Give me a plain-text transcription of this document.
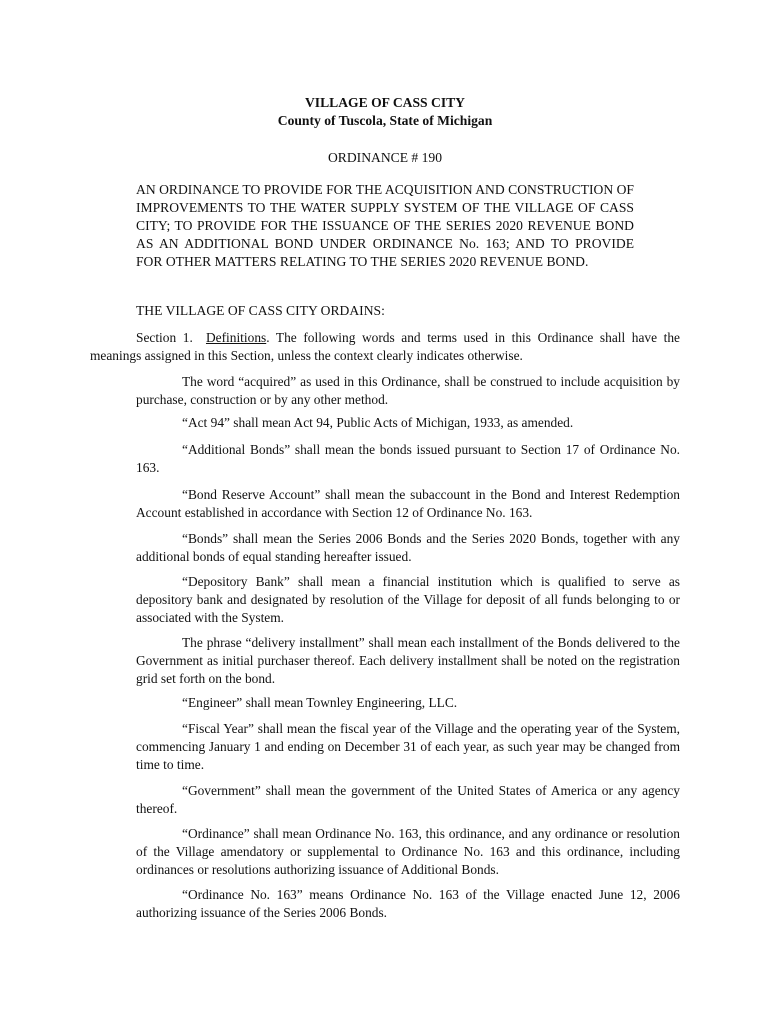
VILLAGE OF CASS CITY
County of Tuscola, State of Michigan
ORDINANCE # 190
AN ORDINANCE TO PROVIDE FOR THE ACQUISITION AND CONSTRUCTION OF IMPROVEMENTS TO THE WATER SUPPLY SYSTEM OF THE VILLAGE OF CASS CITY; TO PROVIDE FOR THE ISSUANCE OF THE SERIES 2020 REVENUE BOND AS AN ADDITIONAL BOND UNDER ORDINANCE No. 163; AND TO PROVIDE FOR OTHER MATTERS RELATING TO THE SERIES 2020 REVENUE BOND.
THE VILLAGE OF CASS CITY ORDAINS:
Section 1. Definitions. The following words and terms used in this Ordinance shall have the meanings assigned in this Section, unless the context clearly indicates otherwise.
The word “acquired” as used in this Ordinance, shall be construed to include acquisition by purchase, construction or by any other method.
“Act 94” shall mean Act 94, Public Acts of Michigan, 1933, as amended.
“Additional Bonds” shall mean the bonds issued pursuant to Section 17 of Ordinance No. 163.
“Bond Reserve Account” shall mean the subaccount in the Bond and Interest Redemption Account established in accordance with Section 12 of Ordinance No. 163.
“Bonds” shall mean the Series 2006 Bonds and the Series 2020 Bonds, together with any additional bonds of equal standing hereafter issued.
“Depository Bank” shall mean a financial institution which is qualified to serve as depository bank and designated by resolution of the Village for deposit of all funds belonging to or associated with the System.
The phrase “delivery installment” shall mean each installment of the Bonds delivered to the Government as initial purchaser thereof. Each delivery installment shall be noted on the registration grid set forth on the bond.
“Engineer” shall mean Townley Engineering, LLC.
“Fiscal Year” shall mean the fiscal year of the Village and the operating year of the System, commencing January 1 and ending on December 31 of each year, as such year may be changed from time to time.
“Government” shall mean the government of the United States of America or any agency thereof.
“Ordinance” shall mean Ordinance No. 163, this ordinance, and any ordinance or resolution of the Village amendatory or supplemental to Ordinance No. 163 and this ordinance, including ordinances or resolutions authorizing issuance of Additional Bonds.
“Ordinance No. 163” means Ordinance No. 163 of the Village enacted June 12, 2006 authorizing issuance of the Series 2006 Bonds.
